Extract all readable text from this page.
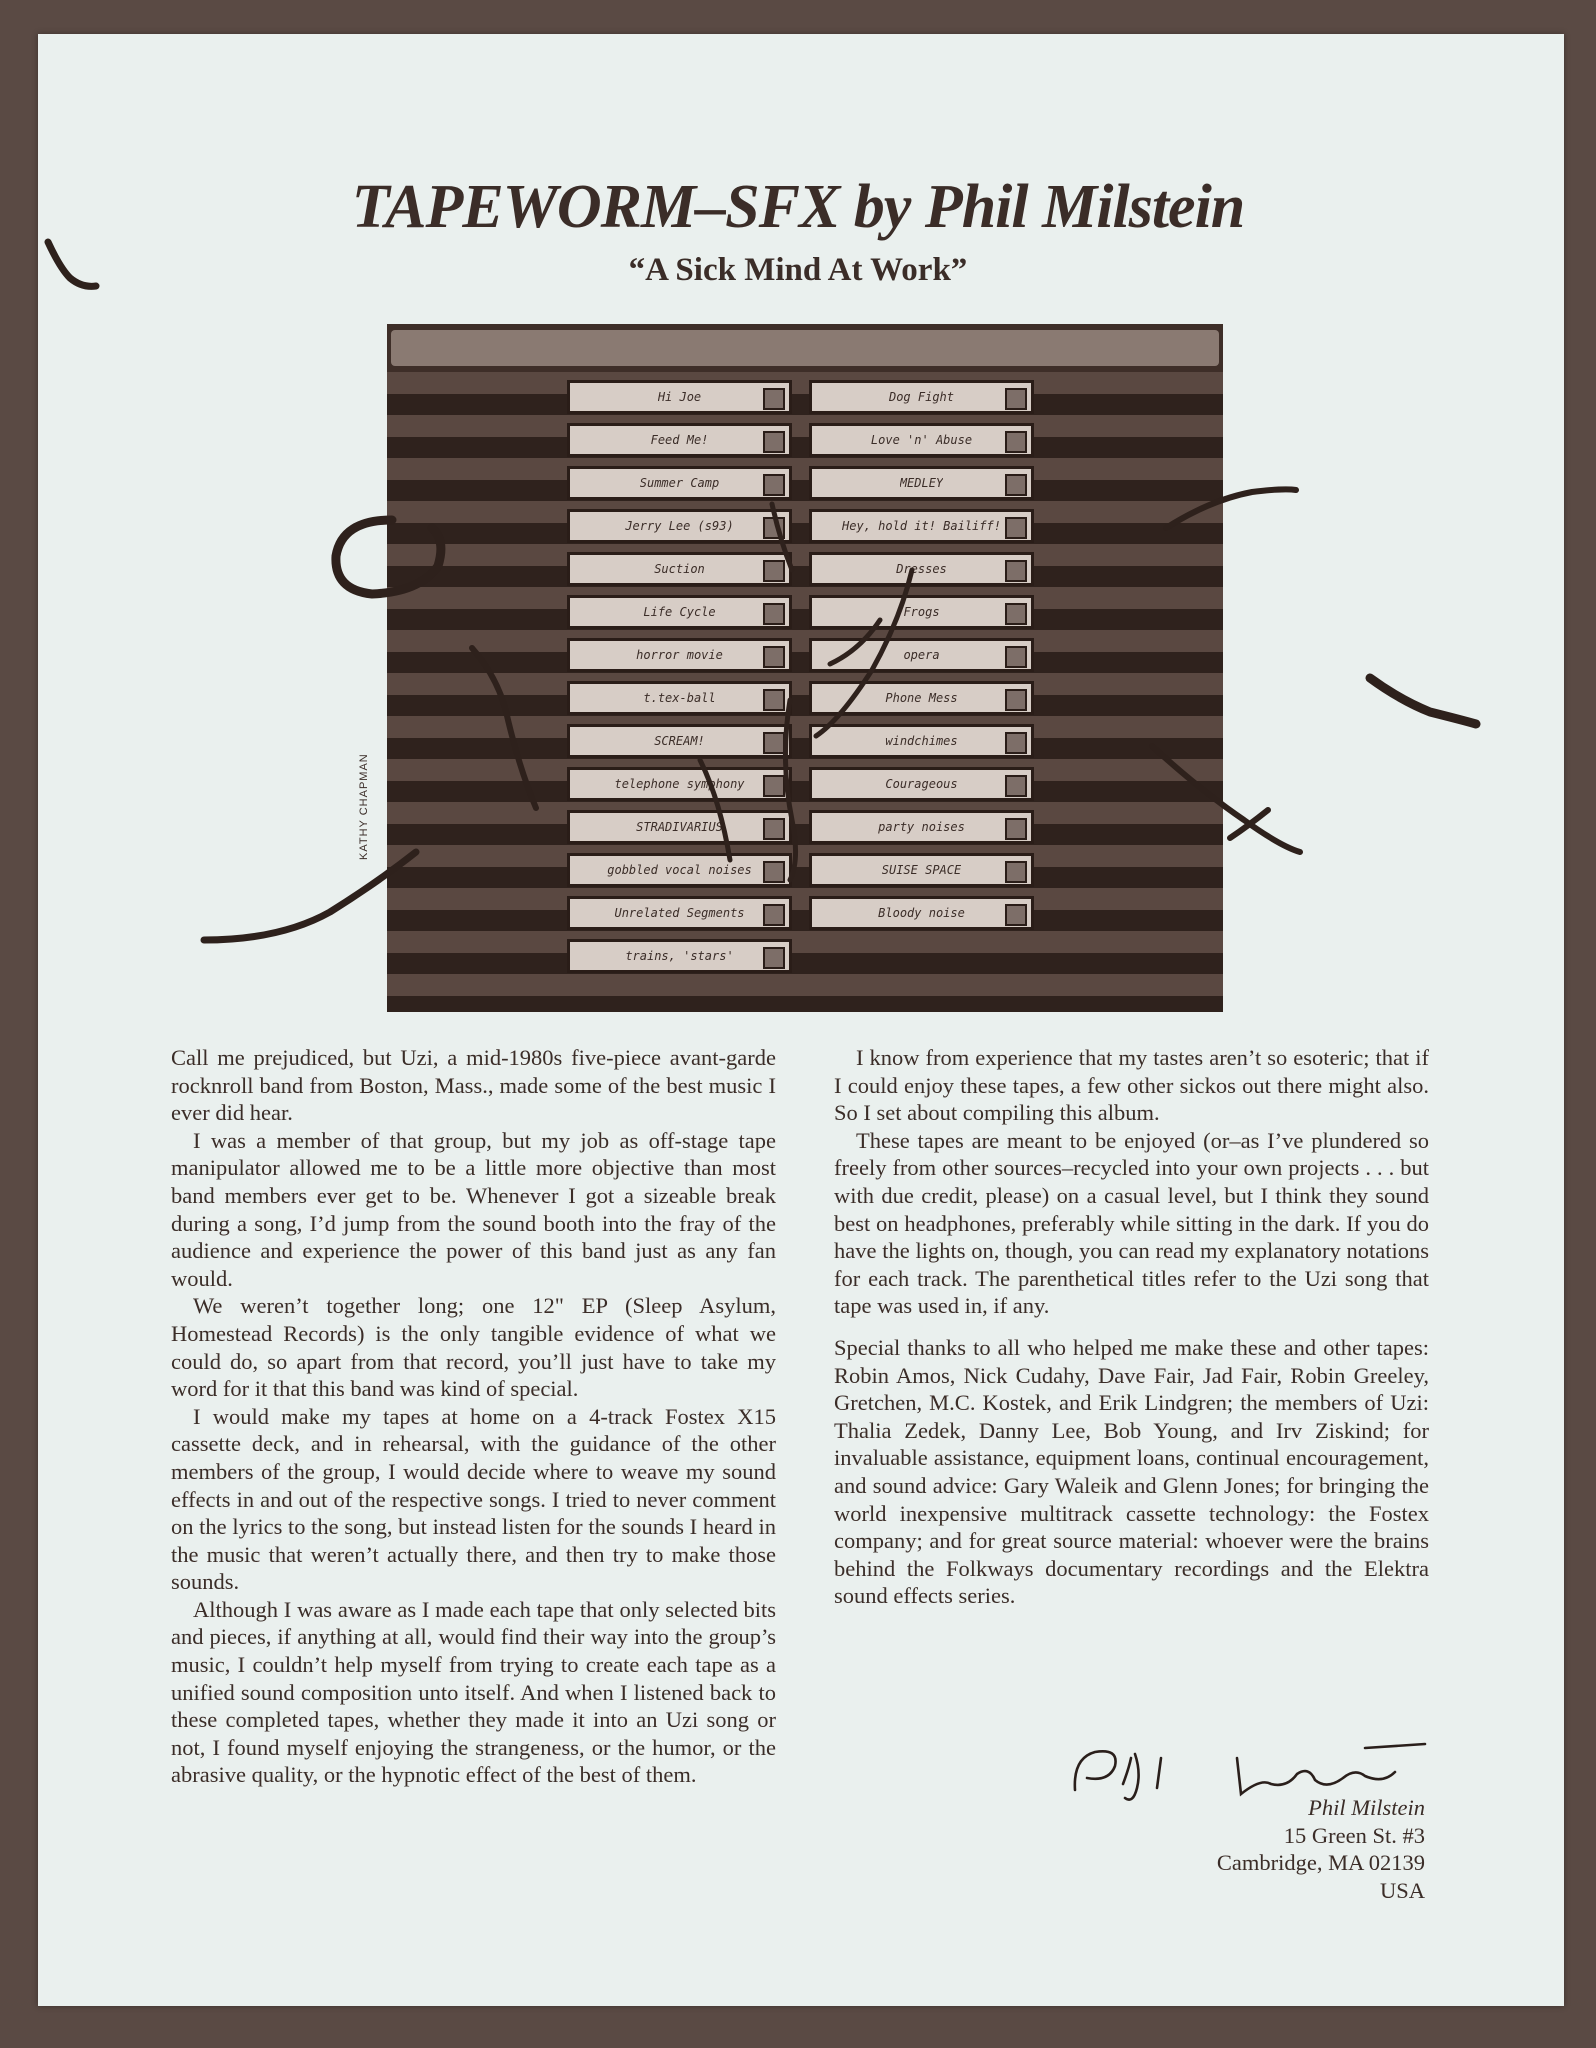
TAPEWORM–SFX by Phil Milstein
“A Sick Mind At Work”
Hi Joe
Feed Me!
Summer Camp
Jerry Lee (s93)
Suction
Life Cycle
horror movie
t.tex-ball
SCREAM!
telephone symphony
STRADIVARIUS
gobbled vocal noises
Unrelated Segments
trains, 'stars'
Dog Fight
Love 'n' Abuse
MEDLEY
Hey, hold it! Bailiff!
Dresses
Frogs
opera
Phone Mess
windchimes
Courageous
party noises
SUISE SPACE
Bloody noise
KATHY CHAPMAN

Call me prejudiced, but Uzi, a mid-1980s five-piece avant-garde rocknroll band from Boston, Mass., made some of the best music I ever did hear.

I was a member of that group, but my job as off-stage tape manipulator allowed me to be a little more objective than most band members ever get to be. Whenever I got a sizeable break during a song, I’d jump from the sound booth into the fray of the audience and experience the power of this band just as any fan would.

We weren’t together long; one 12" EP (Sleep Asylum, Homestead Records) is the only tangible evidence of what we could do, so apart from that record, you’ll just have to take my word for it that this band was kind of special.

I would make my tapes at home on a 4-track Fostex X15 cassette deck, and in rehearsal, with the guidance of the other members of the group, I would decide where to weave my sound effects in and out of the respective songs. I tried to never comment on the lyrics to the song, but instead listen for the sounds I heard in the music that weren’t actually there, and then try to make those sounds.

Although I was aware as I made each tape that only selected bits and pieces, if anything at all, would find their way into the group’s music, I couldn’t help myself from trying to create each tape as a unified sound composition unto itself. And when I listened back to these completed tapes, whether they made it into an Uzi song or not, I found myself enjoying the strangeness, or the humor, or the abrasive quality, or the hypnotic effect of the best of them.

I know from experience that my tastes aren’t so esoteric; that if I could enjoy these tapes, a few other sickos out there might also. So I set about compiling this album.

These tapes are meant to be enjoyed (or–as I’ve plundered so freely from other sources–recycled into your own projects . . . but with due credit, please) on a casual level, but I think they sound best on headphones, preferably while sitting in the dark. If you do have the lights on, though, you can read my explanatory notations for each track. The parenthetical titles refer to the Uzi song that tape was used in, if any.

Special thanks to all who helped me make these and other tapes: Robin Amos, Nick Cudahy, Dave Fair, Jad Fair, Robin Greeley, Gretchen, M.C. Kostek, and Erik Lindgren; the members of Uzi: Thalia Zedek, Danny Lee, Bob Young, and Irv Ziskind; for invaluable assistance, equipment loans, continual encouragement, and sound advice: Gary Waleik and Glenn Jones; for bringing the world inexpensive multitrack cassette technology: the Fostex company; and for great source material: whoever were the brains behind the Folkways documentary recordings and the Elektra sound effects series.

Phil Milstein
15 Green St. #3
Cambridge, MA 02139
USA
